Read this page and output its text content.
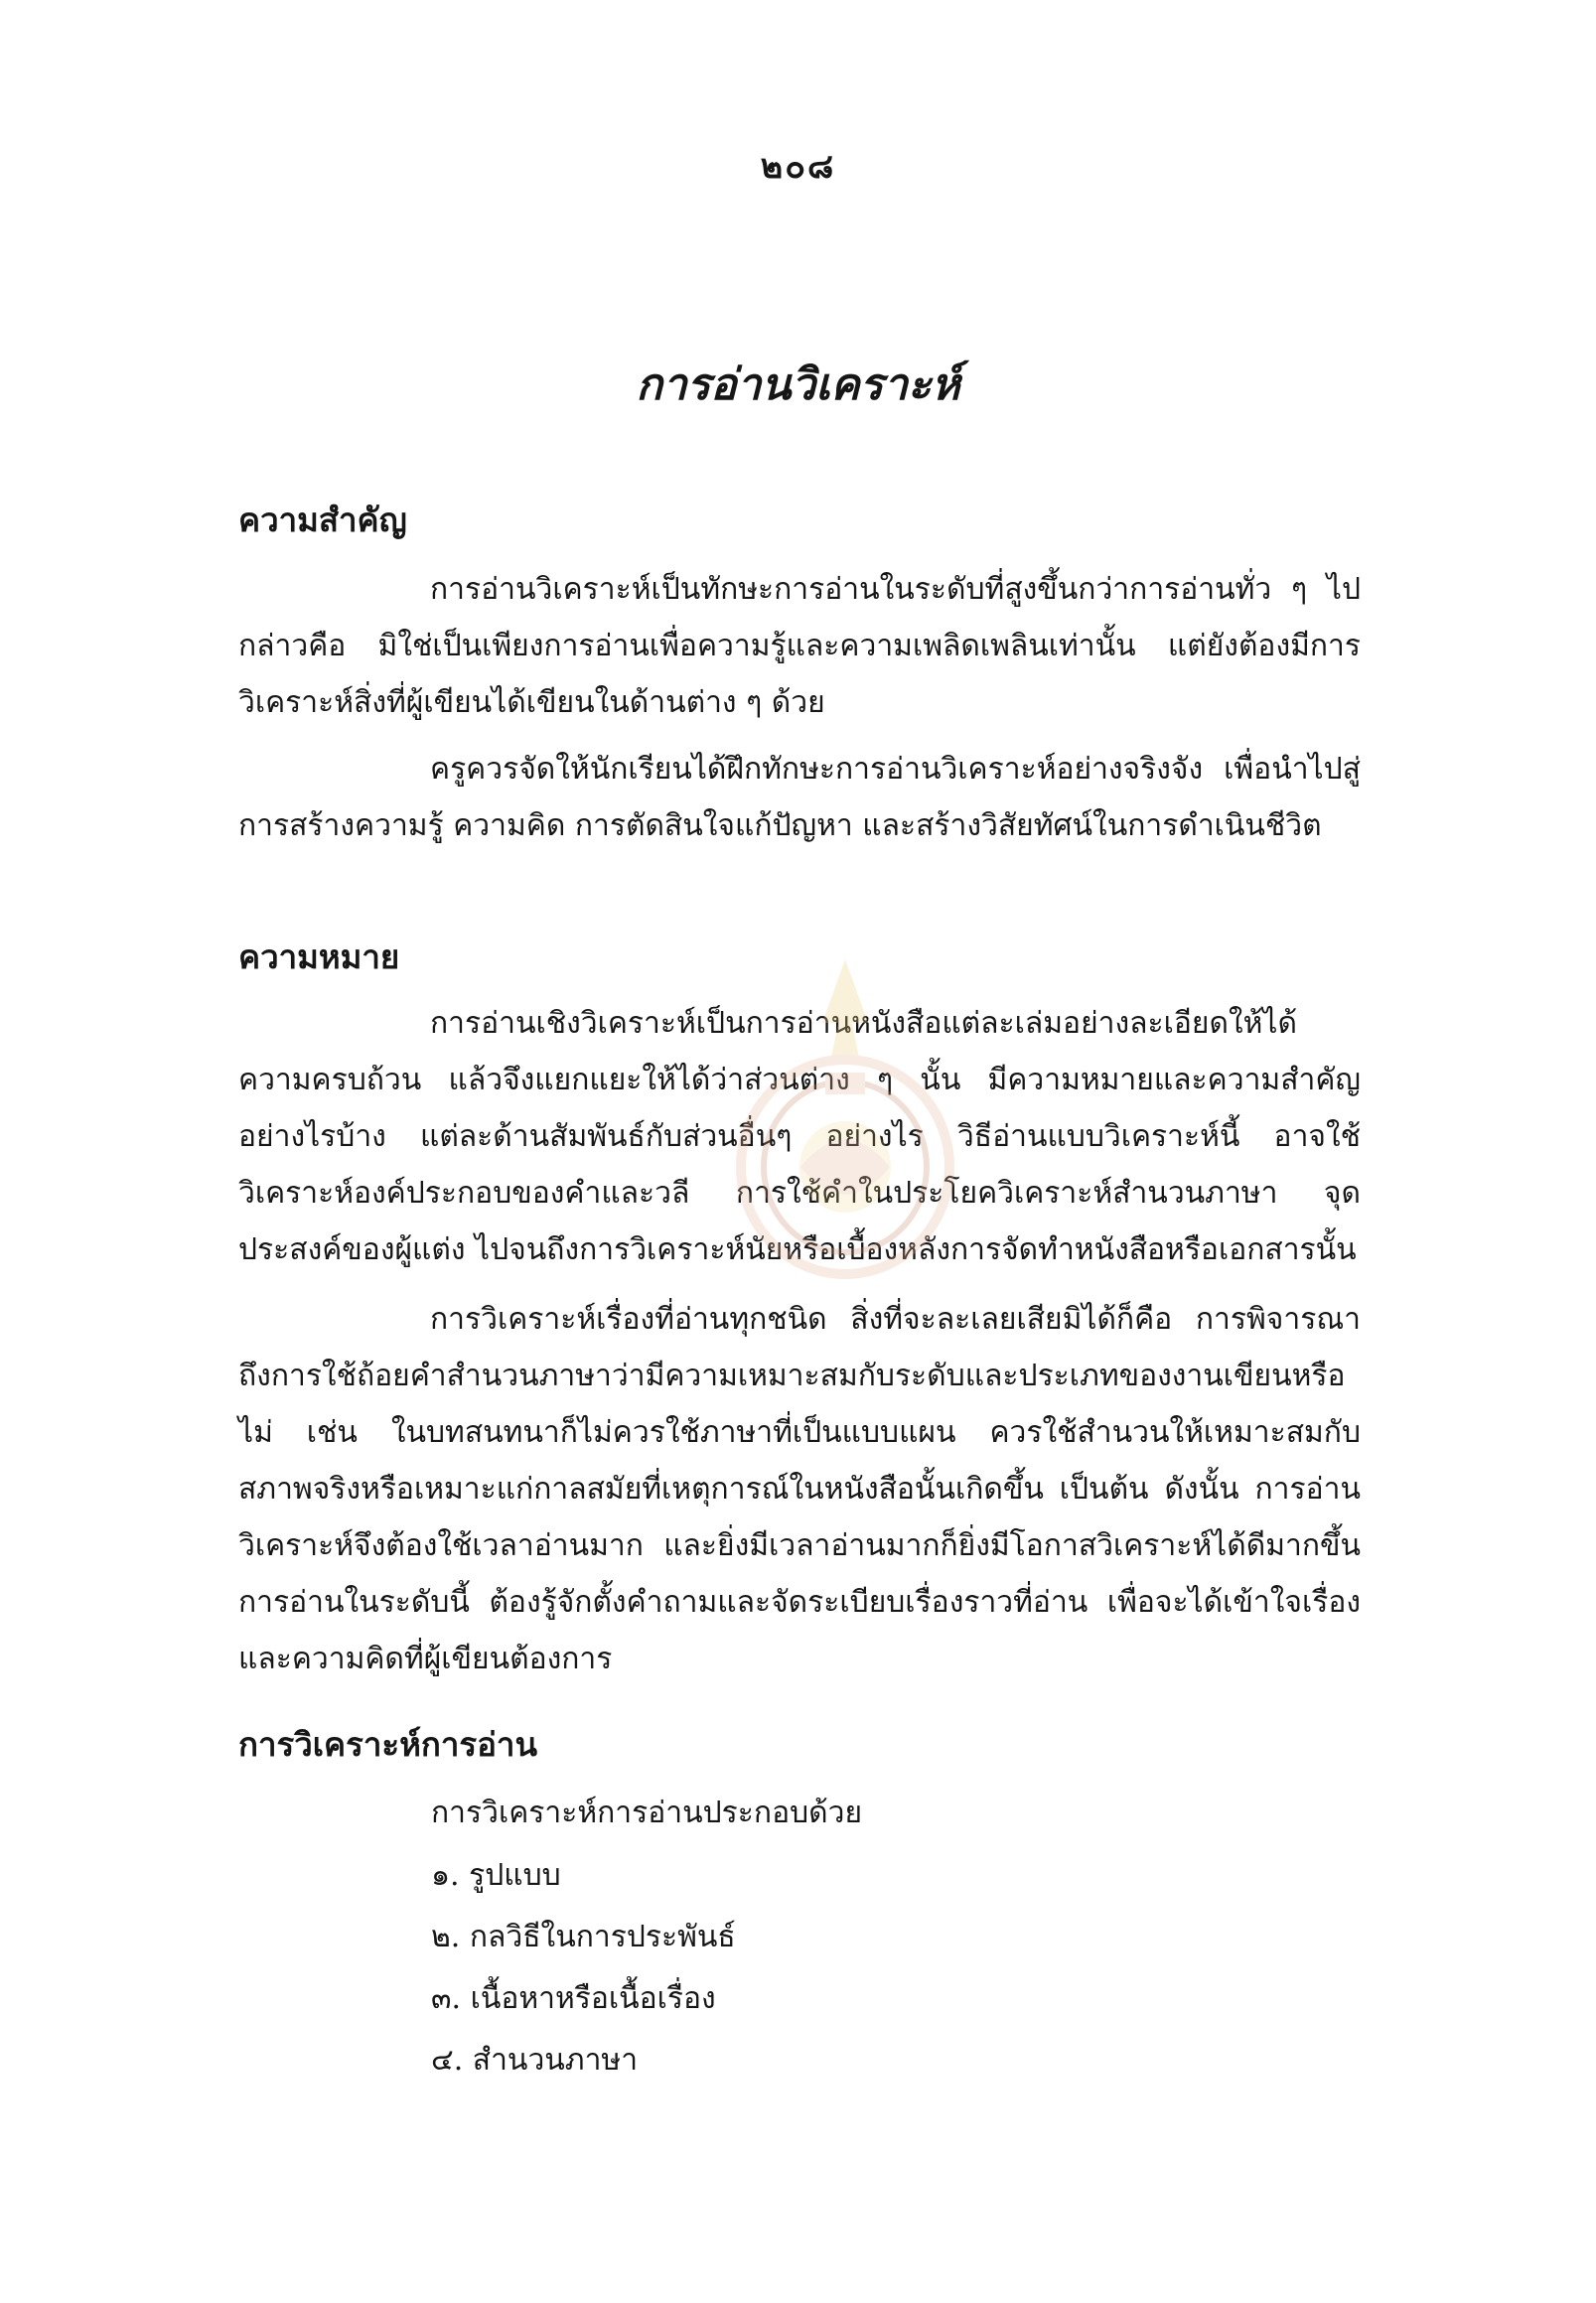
๒๐๘
การอ่านวิเคราะห์
ความสำคัญ

การอ่านวิเคราะห์เป็นทักษะการอ่านในระดับที่สูงขึ้นกว่าการอ่านทั่ว ๆ ไป กล่าวคือ มิใช่เป็นเพียงการอ่านเพื่อความรู้และความเพลิดเพลินเท่านั้น แต่ยังต้องมีการวิเคราะห์สิ่งที่ผู้เขียนได้เขียนในด้านต่าง ๆ ด้วย

ครูควรจัดให้นักเรียนได้ฝึกทักษะการอ่านวิเคราะห์อย่างจริงจัง เพื่อนำไปสู่การสร้างความรู้ ความคิด การตัดสินใจแก้ปัญหา และสร้างวิสัยทัศน์ในการดำเนินชีวิต

ความหมาย

การอ่านเชิงวิเคราะห์เป็นการอ่านหนังสือแต่ละเล่มอย่างละเอียดให้ได้ความครบถ้วน แล้วจึงแยกแยะให้ได้ว่าส่วนต่าง ๆ นั้น มีความหมายและความสำคัญอย่างไรบ้าง แต่ละด้านสัมพันธ์กับส่วนอื่นๆ อย่างไร วิธีอ่านแบบวิเคราะห์นี้ อาจใช้วิเคราะห์องค์ประกอบของคำและวลี การใช้คำในประโยควิเคราะห์สำนวนภาษา จุดประสงค์ของผู้แต่ง ไปจนถึงการวิเคราะห์นัยหรือเบื้องหลังการจัดทำหนังสือหรือเอกสารนั้น

การวิเคราะห์เรื่องที่อ่านทุกชนิด สิ่งที่จะละเลยเสียมิได้ก็คือ การพิจารณาถึงการใช้ถ้อยคำสำนวนภาษาว่ามีความเหมาะสมกับระดับและประเภทของงานเขียนหรือไม่ เช่น ในบทสนทนาก็ไม่ควรใช้ภาษาที่เป็นแบบแผน ควรใช้สำนวนให้เหมาะสมกับสภาพจริงหรือเหมาะแก่กาลสมัยที่เหตุการณ์ในหนังสือนั้นเกิดขึ้น เป็นต้น ดังนั้น การอ่านวิเคราะห์จึงต้องใช้เวลาอ่านมาก และยิ่งมีเวลาอ่านมากก็ยิ่งมีโอกาสวิเคราะห์ได้ดีมากขึ้น การอ่านในระดับนี้ ต้องรู้จักตั้งคำถามและจัดระเบียบเรื่องราวที่อ่าน เพื่อจะได้เข้าใจเรื่องและความคิดที่ผู้เขียนต้องการ

การวิเคราะห์การอ่าน

การวิเคราะห์การอ่านประกอบด้วย

๑. รูปแบบ
๒. กลวิธีในการประพันธ์
๓. เนื้อหาหรือเนื้อเรื่อง
๔. สำนวนภาษา
